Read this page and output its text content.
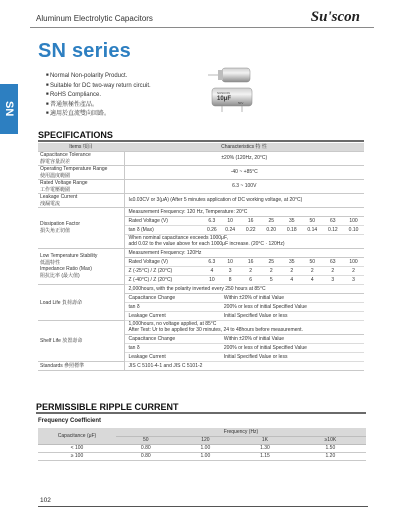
Aluminum Electrolytic Capacitors	Su'scon
SN series
SN
■ Normal Non-polarity Product.
■ Suitable for DC two-way return circuit.
■ RoHS Compliance.
■ 普通無極性產品。
■ 適用於直流雙向回路。
SUSCON
10μF
50V
SPECIFICATIONS
Items 項目	Characteristics 特 性								
Capacitance Tolerance
靜電容量誤差	±20% (120Hz, 20°C)								
Operating Temperature Range
使用溫度範圍	-40 ~ +85°C								
Rated Voltage Range
工作電壓範圍	6.3 ~ 100V								
Leakage Current
洩漏電流	I≤0.03CV or 3(μA) (After 5 minutes application of DC working voltage, at 20°C)								
Dissipation Factor
損失角正切值	Measurement Frequency: 120 Hz, Temperature: 20°C								
	Rated Voltage (V)	6.3	10	16	25	35	50	63	100
	tan δ (Max)	0.26	0.24	0.22	0.20	0.18	0.14	0.12	0.10

	When nominal capacitance exceeds 1000μF,
add 0.02 to the value above for each 1000μF increase. (20°C · 120Hz)								

Low Temperature Stability
低溫特性
Impedance Ratio (Max)
阻抗比率 (最大值)	Measurement Frequency: 120Hz								
	Rated Voltage (V)	6.3	10	16	25	35	50	63	100
	Z (-25°C) / Z (20°C)	4	3	2	2	2	2	2	2
	Z (-40°C) / Z (20°C)	10	8	6	5	4	4	3	3
Load Life 負荷壽命	2,000hours, with the polarity inverted every 250 hours at 85°C								
	Capacitance Change		Within ±20% of initial Value						
	tan δ		200% or less of initial Specified Value						
	Leakage Current		Initial Specified Value or less						
Shelf Life 放置壽命	1,000hours, no voltage applied, at 85°C
After Test: Ur to be applied for 30 minutes, 24 to 48hours before measurement.								

	Capacitance Change		Within ±20% of initial Value						
	tan δ		200% or less of initial Specified Value						
	Leakage Current		Initial Specified Value or less						
Standards 參照標準	JIS C 5101-4-1 and JIS C 5101-2								
PERMISSIBLE RIPPLE CURRENT
Frequency Coefficient
Capacitance (μF)	Frequency (Hz)			
	50	120	1K	≥10K
< 100	0.80	1.00	1.30	1.50
≥ 100	0.80	1.00	1.15	1.20
102
